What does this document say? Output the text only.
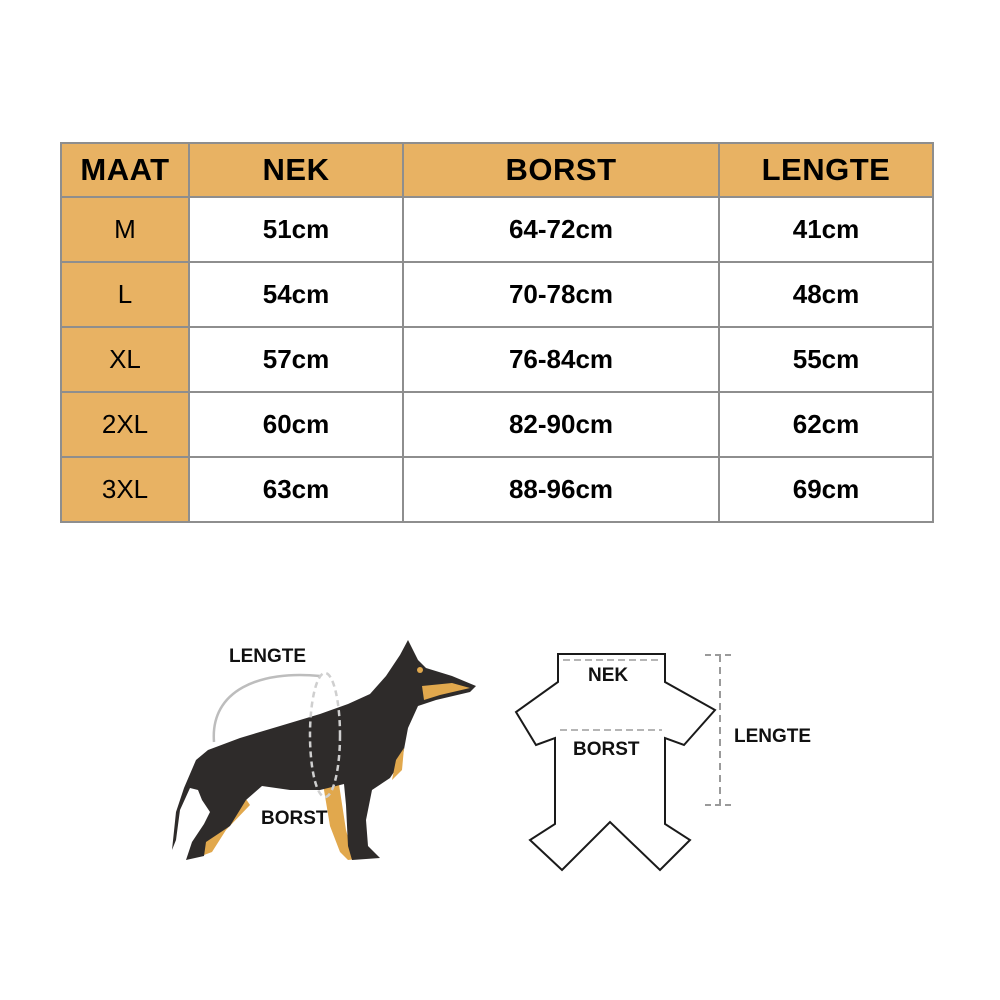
MAAT	NEK	BORST	LENGTE
M	51cm	64-72cm	41cm
L	54cm	70-78cm	48cm
XL	57cm	76-84cm	55cm
2XL	60cm	82-90cm	62cm
3XL	63cm	88-96cm	69cm
LENGTE
BORST
NEK
BORST
LENGTE
